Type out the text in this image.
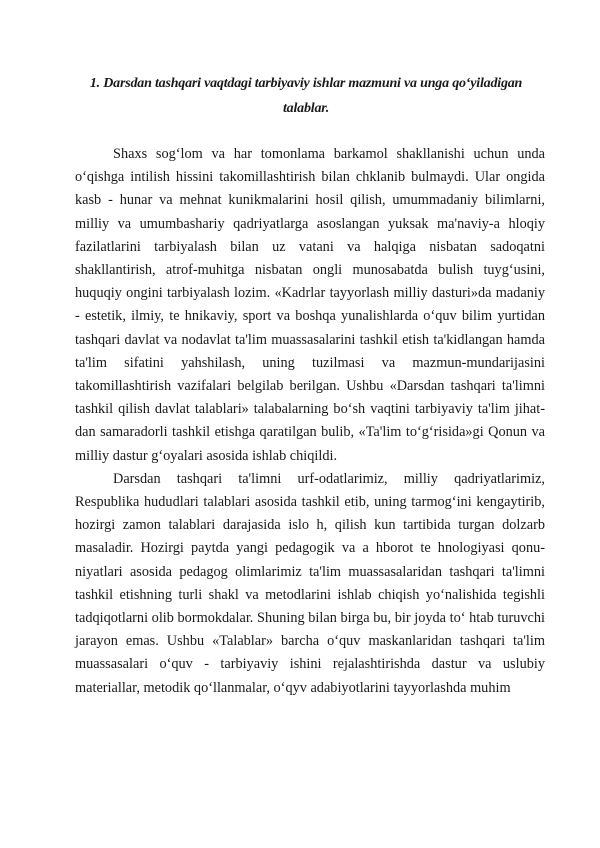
1. Darsdan tashqari vaqtdagi tarbiyaviy ishlar mazmuni va unga qo‘yiladigan talablar.

Shaxs sog‘lom va har tomonlama barkamol shakllanishi uchun unda o‘qishga intilish hissini takomillashtirish bilan chklanib bulmaydi. Ular ongida kasb - hunar va mehnat kunikmalarini hosil qilish, umummadaniy bilimlarni, milliy va umumbashariy qadriyatlarga asoslangan yuksak ma'naviy-a hloqiy fazilatlarini tarbiyalash bilan uz vatani va halqiga nisbatan sadoqatni shakllantirish, atrof-muhitga nisbatan ongli munosabatda bulish tuyg‘usini, huquqiy ongini tarbiyalash lozim. «Kadrlar tayyorlash milliy dasturi»da madaniy - estetik, ilmiy, te hnikaviy, sport va boshqa yunalishlarda o‘quv bilim yurtidan tashqari davlat va nodavlat ta'lim muassasalarini tashkil etish ta'kidlangan hamda ta'lim sifatini yahshilash, uning tuzilmasi va mazmun-mundarijasini takomillashtirish vazifalari belgilab berilgan. Ushbu «Darsdan tashqari ta'limni tashkil qilish davlat talablari» talabalarning bo‘sh vaqtini tarbiyaviy ta'lim jihat-dan samaradorli tashkil etishga qaratilgan bulib, «Ta'lim to‘g‘risida»gi Qonun va milliy dastur g‘oyalari asosida ishlab chiqildi.

Darsdan tashqari ta'limni urf-odatlarimiz, milliy qadriyatlarimiz, Respublika hududlari talablari asosida tashkil etib, uning tarmog‘ini kengaytirib, hozirgi zamon talablari darajasida islo h, qilish kun tartibida turgan dolzarb masaladir. Hozirgi paytda yangi pedagogik va a hborot te hnologiyasi qonu-niyatlari asosida pedagog olimlarimiz ta'lim muassasalaridan tashqari ta'limni tashkil etishning turli shakl va metodlarini ishlab chiqish yo‘nalishida tegishli tadqiqotlarni olib bormokdalar. Shuning bilan birga bu, bir joyda to‘ htab turuvchi jarayon emas. Ushbu «Talablar» barcha o‘quv maskanlaridan tashqari ta'lim muassasalari o‘quv - tarbiyaviy ishini rejalashtirishda dastur va uslubiy materiallar, metodik qo‘llanmalar, o‘qyv adabiyotlarini tayyorlashda muhim
